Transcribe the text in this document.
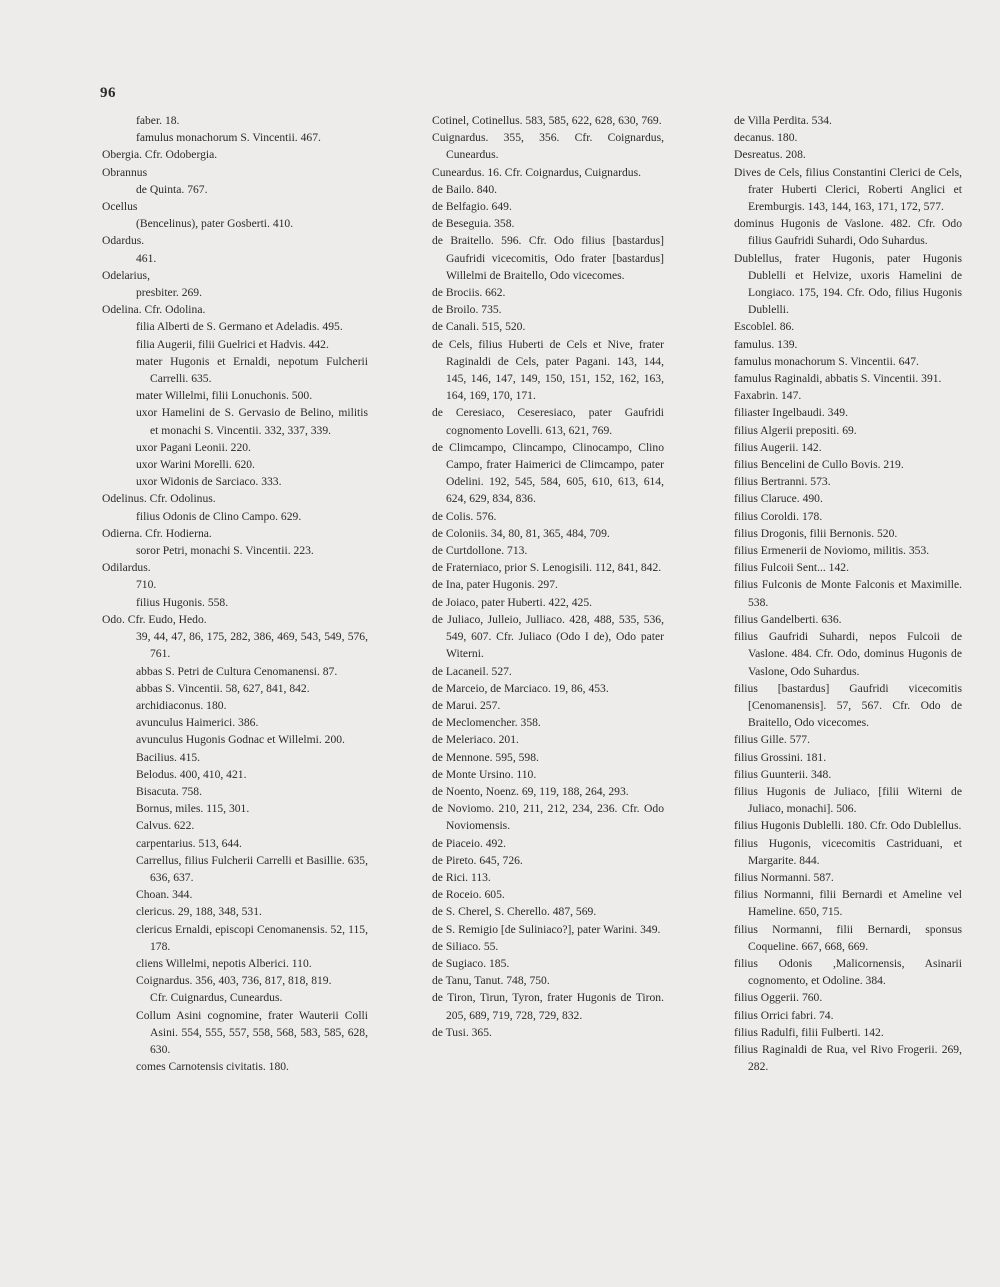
96

faber. 18.

famulus monachorum S. Vincentii. 467.

Obergia. Cfr. Odobergia.

Obrannus

de Quinta. 767.

Ocellus

(Bencelinus), pater Gosberti. 410.

Odardus.

461.

Odelarius,

presbiter. 269.

Odelina. Cfr. Odolina.

filia Alberti de S. Germano et Adeladis. 495.

filia Augerii, filii Guelrici et Hadvis. 442.

mater Hugonis et Ernaldi, nepotum Fulcherii Carrelli. 635.

mater Willelmi, filii Lonuchonis. 500.

uxor Hamelini de S. Gervasio de Belino, militis et monachi S. Vincentii. 332, 337, 339.

uxor Pagani Leonii. 220.

uxor Warini Morelli. 620.

uxor Widonis de Sarciaco. 333.

Odelinus. Cfr. Odolinus.

filius Odonis de Clino Campo. 629.

Odierna. Cfr. Hodierna.

soror Petri, monachi S. Vincentii. 223.

Odilardus.

710.

filius Hugonis. 558.

Odo. Cfr. Eudo, Hedo.

39, 44, 47, 86, 175, 282, 386, 469, 543, 549, 576, 761.

abbas S. Petri de Cultura Cenomanensi. 87.

abbas S. Vincentii. 58, 627, 841, 842.

archidiaconus. 180.

avunculus Haimerici. 386.

avunculus Hugonis Godnac et Willelmi. 200.

Bacilius. 415.

Belodus. 400, 410, 421.

Bisacuta. 758.

Bornus, miles. 115, 301.

Calvus. 622.

carpentarius. 513, 644.

Carrellus, filius Fulcherii Carrelli et Basillie. 635, 636, 637.

Choan. 344.

clericus. 29, 188, 348, 531.

clericus Ernaldi, episcopi Cenomanensis. 52, 115, 178.

cliens Willelmi, nepotis Alberici. 110.

Coignardus. 356, 403, 736, 817, 818, 819.

Cfr. Cuignardus, Cuneardus.

Collum Asini cognomine, frater Wauterii Colli Asini. 554, 555, 557, 558, 568, 583, 585, 628, 630.

comes Carnotensis civitatis. 180.

Cotinel, Cotinellus. 583, 585, 622, 628, 630, 769.

Cuignardus. 355, 356. Cfr. Coignardus, Cuneardus.

Cuneardus. 16. Cfr. Coignardus, Cuignardus.

de Bailo. 840.

de Belfagio. 649.

de Beseguia. 358.

de Braitello. 596. Cfr. Odo filius [bastardus] Gaufridi vicecomitis, Odo frater [bastardus] Willelmi de Braitello, Odo vicecomes.

de Brociis. 662.

de Broilo. 735.

de Canali. 515, 520.

de Cels, filius Huberti de Cels et Nive, frater Raginaldi de Cels, pater Pagani. 143, 144, 145, 146, 147, 149, 150, 151, 152, 162, 163, 164, 169, 170, 171.

de Ceresiaco, Ceseresiaco, pater Gaufridi cognomento Lovelli. 613, 621, 769.

de Climcampo, Clincampo, Clinocampo, Clino Campo, frater Haimerici de Climcampo, pater Odelini. 192, 545, 584, 605, 610, 613, 614, 624, 629, 834, 836.

de Colis. 576.

de Coloniis. 34, 80, 81, 365, 484, 709.

de Curtdollone. 713.

de Fraterniaco, prior S. Lenogisili. 112, 841, 842.

de Ina, pater Hugonis. 297.

de Joiaco, pater Huberti. 422, 425.

de Juliaco, Julleio, Julliaco. 428, 488, 535, 536, 549, 607. Cfr. Juliaco (Odo I de), Odo pater Witerni.

de Lacaneil. 527.

de Marceio, de Marciaco. 19, 86, 453.

de Marui. 257.

de Meclomencher. 358.

de Meleriaco. 201.

de Mennone. 595, 598.

de Monte Ursino. 110.

de Noento, Noenz. 69, 119, 188, 264, 293.

de Noviomo. 210, 211, 212, 234, 236. Cfr. Odo Noviomensis.

de Piaceio. 492.

de Pireto. 645, 726.

de Rici. 113.

de Roceio. 605.

de S. Cherel, S. Cherello. 487, 569.

de S. Remigio [de Suliniaco?], pater Warini. 349.

de Siliaco. 55.

de Sugiaco. 185.

de Tanu, Tanut. 748, 750.

de Tiron, Tirun, Tyron, frater Hugonis de Tiron. 205, 689, 719, 728, 729, 832.

de Tusi. 365.

de Villa Perdita. 534.

decanus. 180.

Desreatus. 208.

Dives de Cels, filius Constantini Clerici de Cels, frater Huberti Clerici, Roberti Anglici et Eremburgis. 143, 144, 163, 171, 172, 577.

dominus Hugonis de Vaslone. 482. Cfr. Odo filius Gaufridi Suhardi, Odo Suhardus.

Dublellus, frater Hugonis, pater Hugonis Dublelli et Helvize, uxoris Hamelini de Longiaco. 175, 194. Cfr. Odo, filius Hugonis Dublelli.

Escoblel. 86.

famulus. 139.

famulus monachorum S. Vincentii. 647.

famulus Raginaldi, abbatis S. Vincentii. 391.

Faxabrin. 147.

filiaster Ingelbaudi. 349.

filius Algerii prepositi. 69.

filius Augerii. 142.

filius Bencelini de Cullo Bovis. 219.

filius Bertranni. 573.

filius Claruce. 490.

filius Coroldi. 178.

filius Drogonis, filii Bernonis. 520.

filius Ermenerii de Noviomo, militis. 353.

filius Fulcoii Sent... 142.

filius Fulconis de Monte Falconis et Maximille. 538.

filius Gandelberti. 636.

filius Gaufridi Suhardi, nepos Fulcoii de Vaslone. 484. Cfr. Odo, dominus Hugonis de Vaslone, Odo Suhardus.

filius [bastardus] Gaufridi vicecomitis [Cenomanensis]. 57, 567. Cfr. Odo de Braitello, Odo vicecomes.

filius Gille. 577.

filius Grossini. 181.

filius Guunterii. 348.

filius Hugonis de Juliaco, [filii Witerni de Juliaco, monachi]. 506.

filius Hugonis Dublelli. 180. Cfr. Odo Dublellus.

filius Hugonis, vicecomitis Castriduani, et Margarite. 844.

filius Normanni. 587.

filius Normanni, filii Bernardi et Ameline vel Hameline. 650, 715.

filius Normanni, filii Bernardi, sponsus Coqueline. 667, 668, 669.

filius Odonis ,Malicornensis, Asinarii cognomento, et Odoline. 384.

filius Oggerii. 760.

filius Orrici fabri. 74.

filius Radulfi, filii Fulberti. 142.

filius Raginaldi de Rua, vel Rivo Frogerii. 269, 282.
